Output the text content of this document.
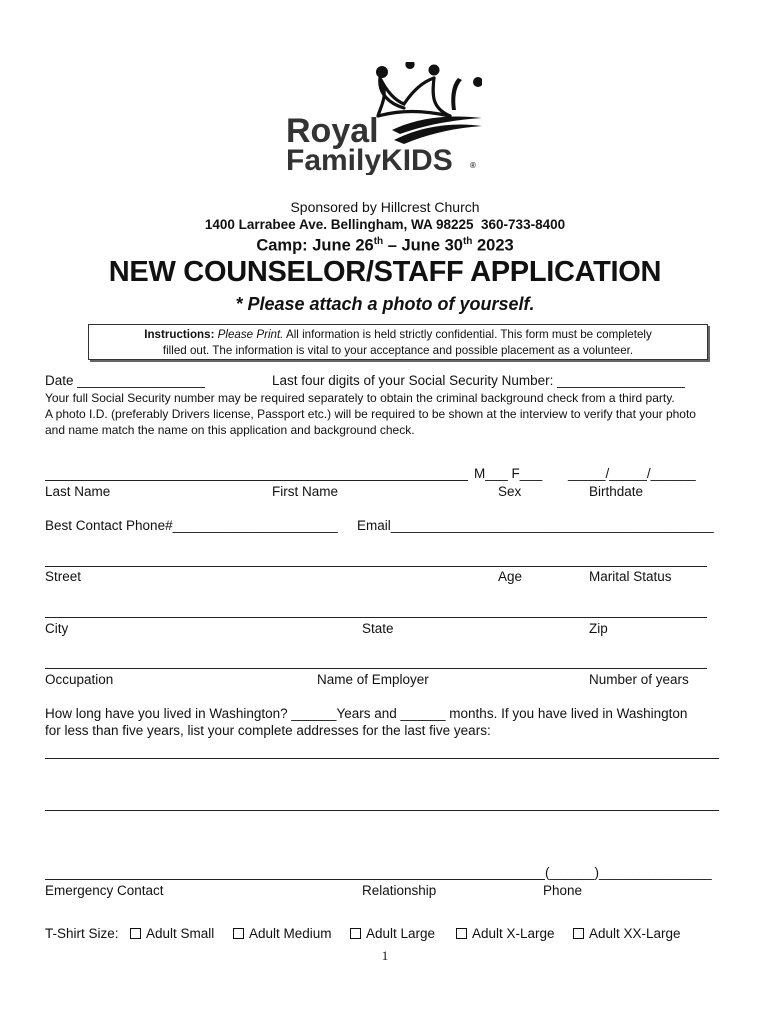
Royal
FamilyKIDS ®
Sponsored by Hillcrest Church
1400 Larrabee Ave. Bellingham, WA 98225 360-733-8400
Camp: June 26th – June 30th 2023
NEW COUNSELOR/STAFF APPLICATION
* Please attach a photo of yourself.
Instructions: Please Print. All information is held strictly confidential. This form must be completely
filled out. The information is vital to your acceptance and possible placement as a volunteer.
Date _________________	Last four digits of your Social Security Number: _________________
Your full Social Security number may be required separately to obtain the criminal background check from a third party.
A photo I.D. (preferably Drivers license, Passport etc.) will be required to be shown at the interview to verify that your photo
and name match the name on this application and background check.
M___ F___ _____/_____/______
Last Name	First Name	Sex	Birthdate
Best Contact Phone#______________________ Email___________________________________________
Street	Age	Marital Status
City	State	Zip
Occupation	Name of Employer	Number of years
How long have you lived in Washington? ______Years and ______ months. If you have lived in Washington
for less than five years, list your complete addresses for the last five years:
(______)_______________
Emergency Contact	Relationship	Phone
T-Shirt Size:	Adult Small	Adult Medium	Adult Large	Adult X-Large	Adult XX-Large
1
